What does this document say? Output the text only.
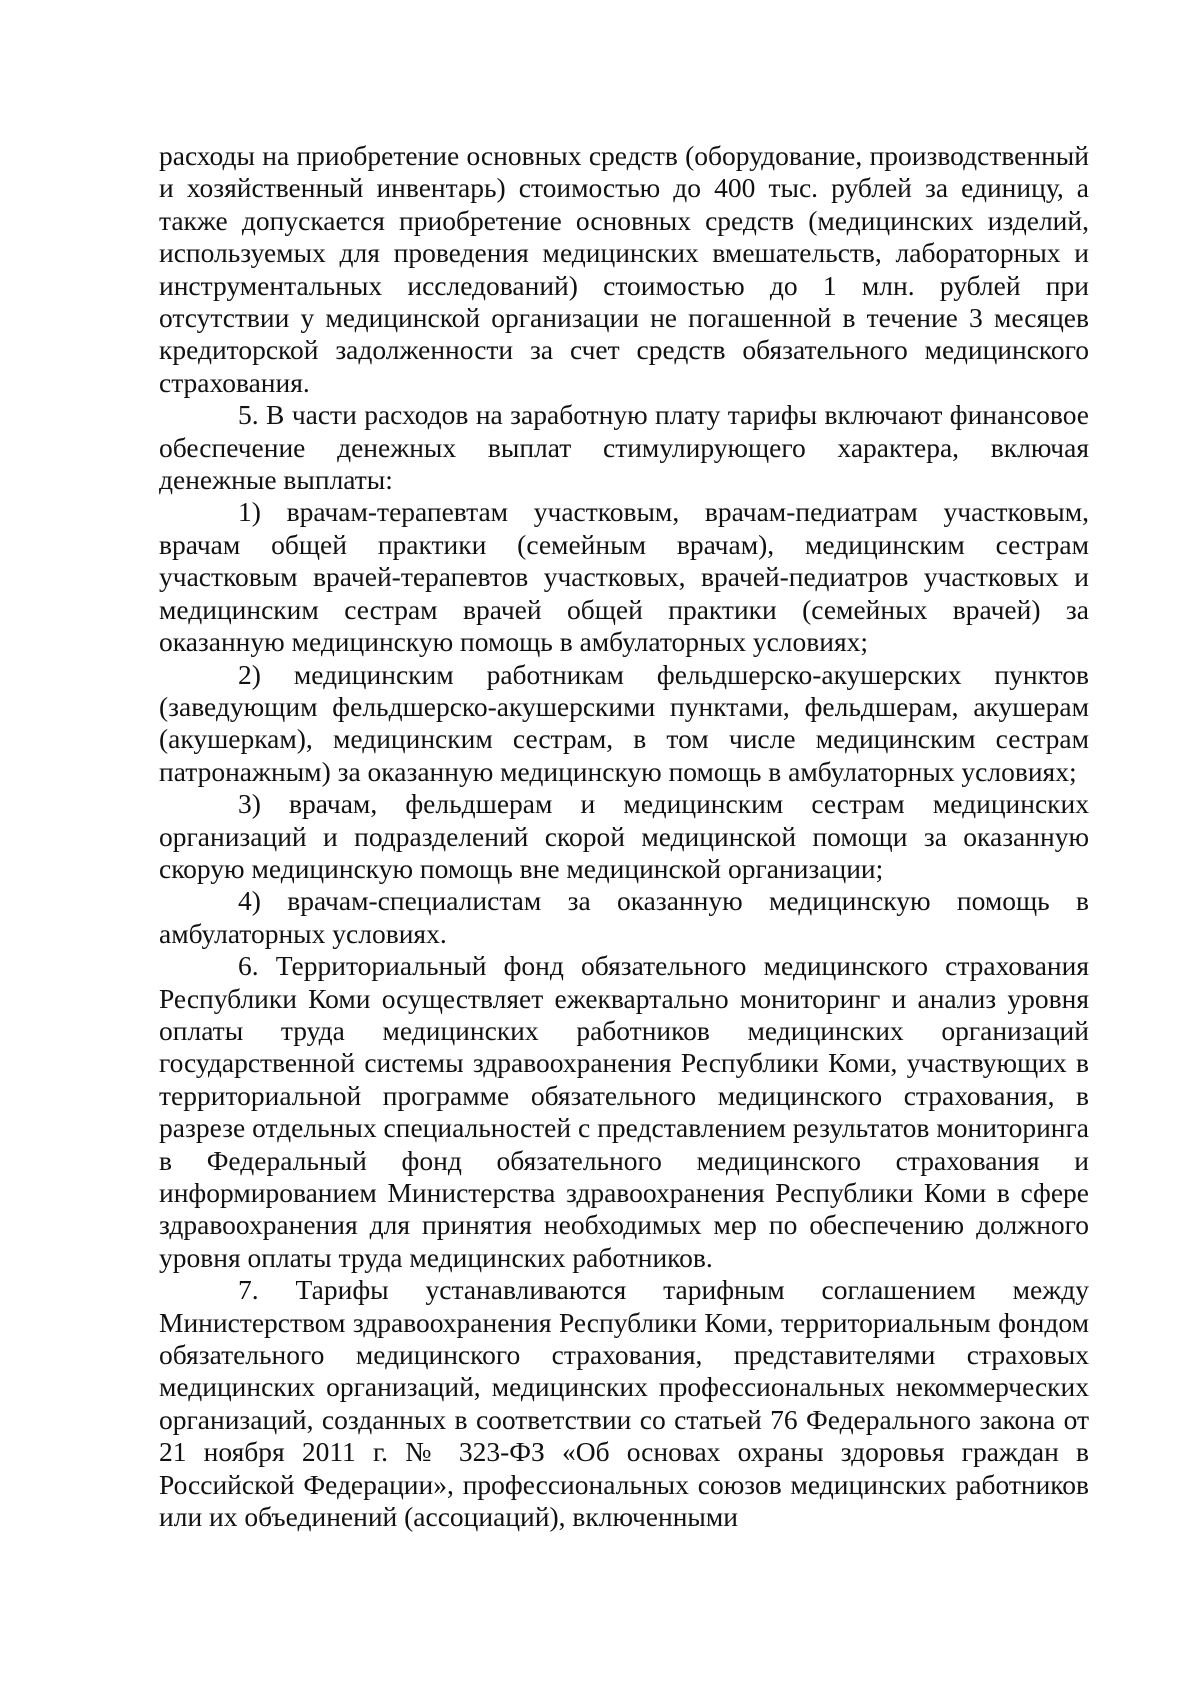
расходы на приобретение основных средств (оборудование, производственный и хозяйственный инвентарь) стоимостью до 400 тыс. рублей за единицу, а также допускается приобретение основных средств (медицинских изделий, используемых для проведения медицинских вмешательств, лабораторных и инструментальных исследований) стоимостью до 1 млн. рублей при отсутствии у медицинской организации не погашенной в течение 3 месяцев кредиторской задолженности за счет средств обязательного медицинского страхования.

5. В части расходов на заработную плату тарифы включают финансовое обеспечение денежных выплат стимулирующего характера, включая денежные выплаты:

1) врачам-терапевтам участковым, врачам-педиатрам участковым, врачам общей практики (семейным врачам), медицинским сестрам участковым врачей-терапевтов участковых, врачей-педиатров участковых и медицинским сестрам врачей общей практики (семейных врачей) за оказанную медицинскую помощь в амбулаторных условиях;

2) медицинским работникам фельдшерско-акушерских пунктов (заведующим фельдшерско-акушерскими пунктами, фельдшерам, акушерам (акушеркам), медицинским сестрам, в том числе медицинским сестрам патронажным) за оказанную медицинскую помощь в амбулаторных условиях;

3) врачам, фельдшерам и медицинским сестрам медицинских организаций и подразделений скорой медицинской помощи за оказанную скорую медицинскую помощь вне медицинской организации;

4) врачам-специалистам за оказанную медицинскую помощь в амбулаторных условиях.

6. Территориальный фонд обязательного медицинского страхования Республики Коми осуществляет ежеквартально мониторинг и анализ уровня оплаты труда медицинских работников медицинских организаций государственной системы здравоохранения Республики Коми, участвующих в территориальной программе обязательного медицинского страхования, в разрезе отдельных специальностей с представлением результатов мониторинга в Федеральный фонд обязательного медицинского страхования и информированием Министерства здравоохранения Республики Коми в сфере здравоохранения для принятия необходимых мер по обеспечению должного уровня оплаты труда медицинских работников.

7. Тарифы устанавливаются тарифным соглашением между Министерством здравоохранения Республики Коми, территориальным фондом обязательного медицинского страхования, представителями страховых медицинских организаций, медицинских профессиональных некоммерческих организаций, созданных в соответствии со статьей 76 Федерального закона от 21 ноября 2011 г. № 323-ФЗ «Об основах охраны здоровья граждан в Российской Федерации», профессиональных союзов медицинских работников или их объединений (ассоциаций), включенными
